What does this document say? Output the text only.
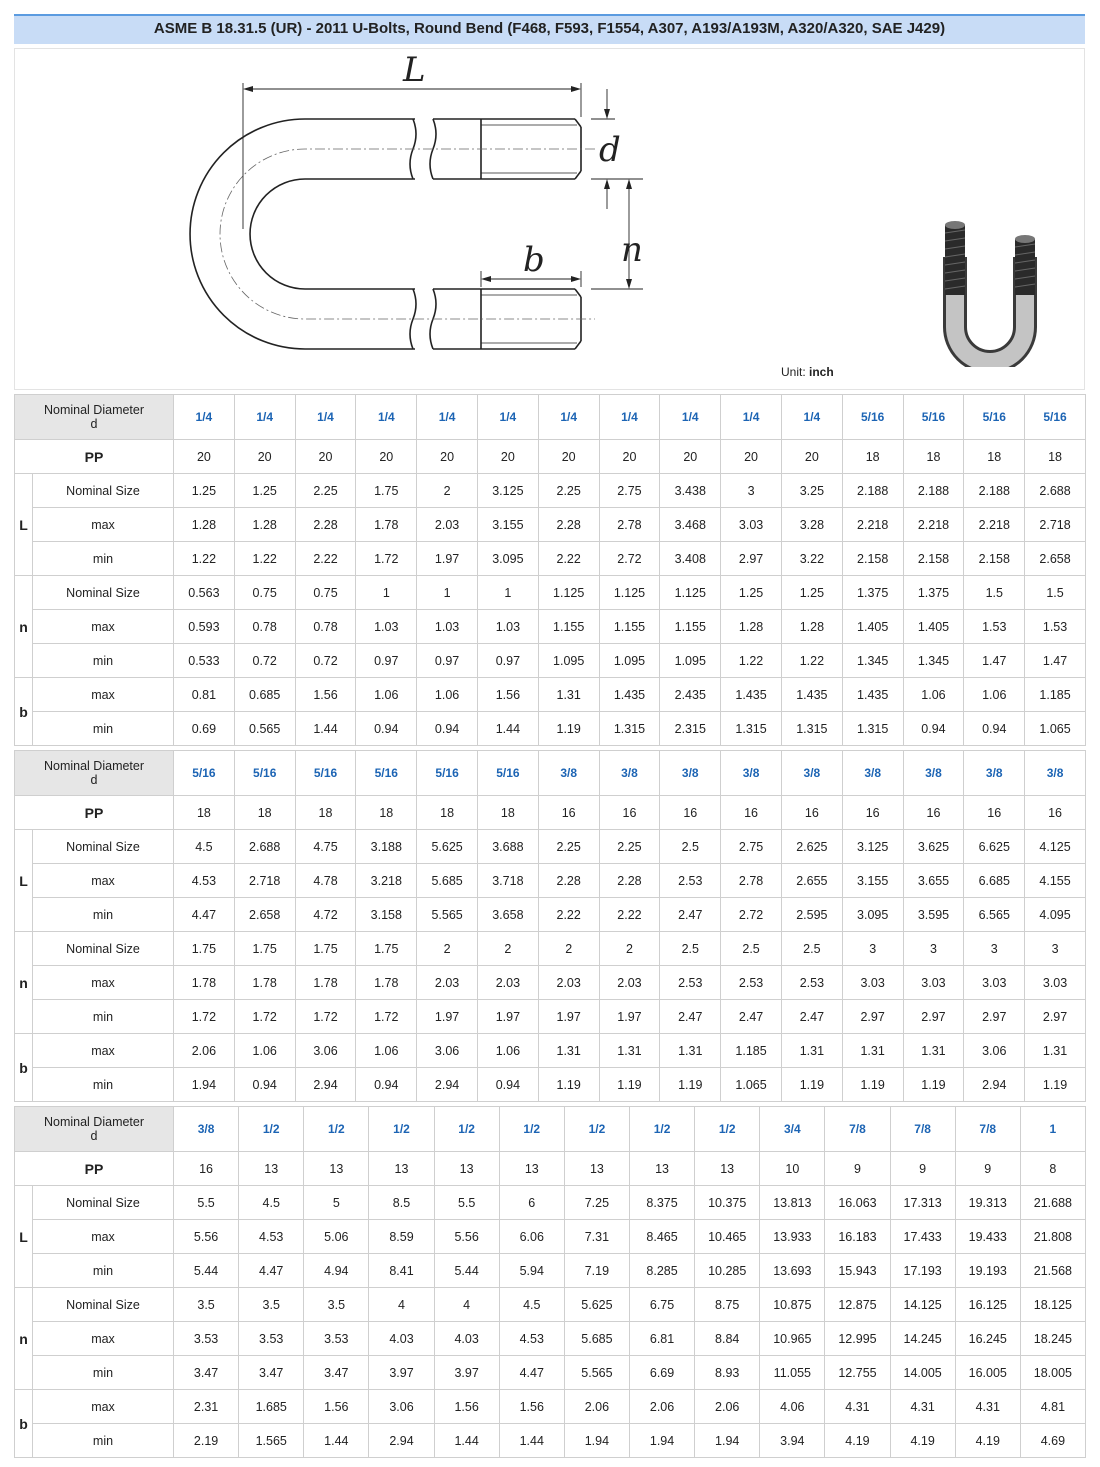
ASME B 18.31.5 (UR) - 2011 U-Bolts, Round Bend (F468, F593, F1554, A307, A193/A193M, A320/A320, SAE J429)
L
d
n
b
Unit: inch
Nominal Diameter
d		1/4	1/4	1/4	1/4	1/4	1/4	1/4	1/4	1/4	1/4	1/4	5/16	5/16	5/16	5/16
PP		20	20	20	20	20	20	20	20	20	20	20	18	18	18	18
L	Nominal Size	1.25	1.25	2.25	1.75	2	3.125	2.25	2.75	3.438	3	3.25	2.188	2.188	2.188	2.688
	max	1.28	1.28	2.28	1.78	2.03	3.155	2.28	2.78	3.468	3.03	3.28	2.218	2.218	2.218	2.718
	min	1.22	1.22	2.22	1.72	1.97	3.095	2.22	2.72	3.408	2.97	3.22	2.158	2.158	2.158	2.658
n	Nominal Size	0.563	0.75	0.75	1	1	1	1.125	1.125	1.125	1.25	1.25	1.375	1.375	1.5	1.5
	max	0.593	0.78	0.78	1.03	1.03	1.03	1.155	1.155	1.155	1.28	1.28	1.405	1.405	1.53	1.53
	min	0.533	0.72	0.72	0.97	0.97	0.97	1.095	1.095	1.095	1.22	1.22	1.345	1.345	1.47	1.47
b	max	0.81	0.685	1.56	1.06	1.06	1.56	1.31	1.435	2.435	1.435	1.435	1.435	1.06	1.06	1.185
	min	0.69	0.565	1.44	0.94	0.94	1.44	1.19	1.315	2.315	1.315	1.315	1.315	0.94	0.94	1.065
Nominal Diameter
d		5/16	5/16	5/16	5/16	5/16	5/16	3/8	3/8	3/8	3/8	3/8	3/8	3/8	3/8	3/8
PP		18	18	18	18	18	18	16	16	16	16	16	16	16	16	16
L	Nominal Size	4.5	2.688	4.75	3.188	5.625	3.688	2.25	2.25	2.5	2.75	2.625	3.125	3.625	6.625	4.125
	max	4.53	2.718	4.78	3.218	5.685	3.718	2.28	2.28	2.53	2.78	2.655	3.155	3.655	6.685	4.155
	min	4.47	2.658	4.72	3.158	5.565	3.658	2.22	2.22	2.47	2.72	2.595	3.095	3.595	6.565	4.095
n	Nominal Size	1.75	1.75	1.75	1.75	2	2	2	2	2.5	2.5	2.5	3	3	3	3
	max	1.78	1.78	1.78	1.78	2.03	2.03	2.03	2.03	2.53	2.53	2.53	3.03	3.03	3.03	3.03
	min	1.72	1.72	1.72	1.72	1.97	1.97	1.97	1.97	2.47	2.47	2.47	2.97	2.97	2.97	2.97
b	max	2.06	1.06	3.06	1.06	3.06	1.06	1.31	1.31	1.31	1.185	1.31	1.31	1.31	3.06	1.31
	min	1.94	0.94	2.94	0.94	2.94	0.94	1.19	1.19	1.19	1.065	1.19	1.19	1.19	2.94	1.19
Nominal Diameter
d		3/8	1/2	1/2	1/2	1/2	1/2	1/2	1/2	1/2	3/4	7/8	7/8	7/8	1
PP		16	13	13	13	13	13	13	13	13	10	9	9	9	8
L	Nominal Size	5.5	4.5	5	8.5	5.5	6	7.25	8.375	10.375	13.813	16.063	17.313	19.313	21.688
	max	5.56	4.53	5.06	8.59	5.56	6.06	7.31	8.465	10.465	13.933	16.183	17.433	19.433	21.808
	min	5.44	4.47	4.94	8.41	5.44	5.94	7.19	8.285	10.285	13.693	15.943	17.193	19.193	21.568
n	Nominal Size	3.5	3.5	3.5	4	4	4.5	5.625	6.75	8.75	10.875	12.875	14.125	16.125	18.125
	max	3.53	3.53	3.53	4.03	4.03	4.53	5.685	6.81	8.84	10.965	12.995	14.245	16.245	18.245
	min	3.47	3.47	3.47	3.97	3.97	4.47	5.565	6.69	8.93	11.055	12.755	14.005	16.005	18.005
b	max	2.31	1.685	1.56	3.06	1.56	1.56	2.06	2.06	2.06	4.06	4.31	4.31	4.31	4.81
	min	2.19	1.565	1.44	2.94	1.44	1.44	1.94	1.94	1.94	3.94	4.19	4.19	4.19	4.69
